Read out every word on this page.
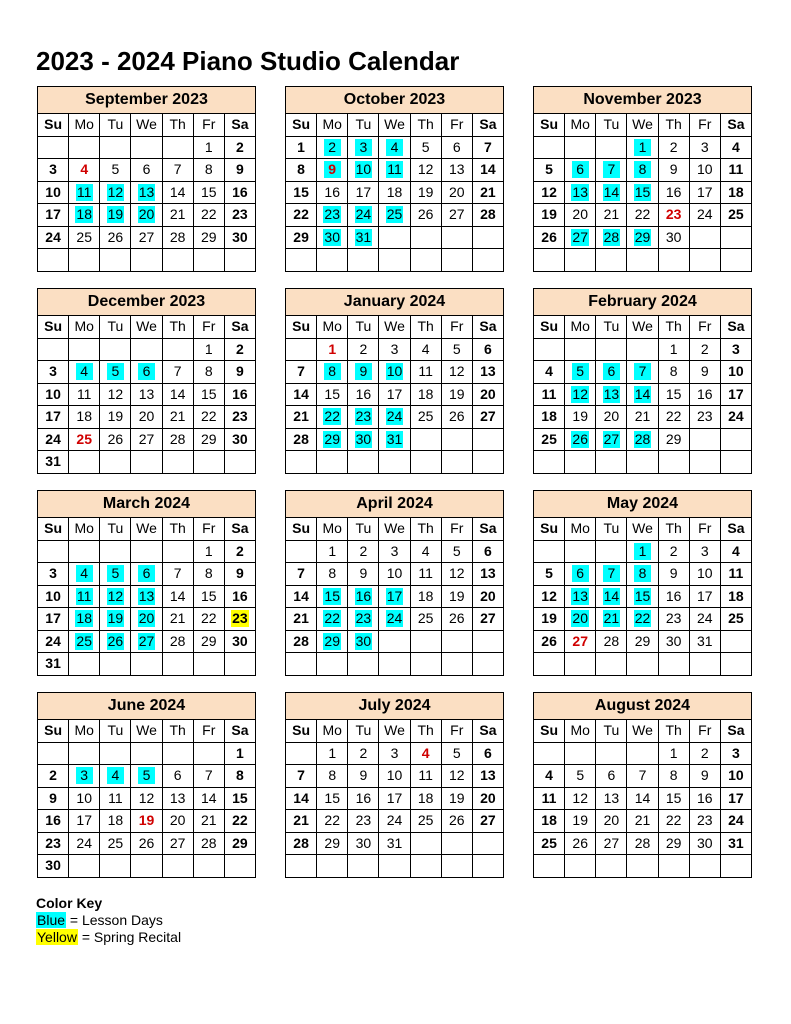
2023 - 2024 Piano Studio Calendar
September 2023						
Su	Mo	Tu	We	Th	Fr	Sa
					1	2
3	4	5	6	7	8	9
10	11	12	13	14	15	16
17	18	19	20	21	22	23
24	25	26	27	28	29	30

October 2023						
Su	Mo	Tu	We	Th	Fr	Sa
1	2	3	4	5	6	7
8	9	10	11	12	13	14
15	16	17	18	19	20	21
22	23	24	25	26	27	28
29	30	31				

November 2023						
Su	Mo	Tu	We	Th	Fr	Sa
			1	2	3	4
5	6	7	8	9	10	11
12	13	14	15	16	17	18
19	20	21	22	23	24	25
26	27	28	29	30		

December 2023						
Su	Mo	Tu	We	Th	Fr	Sa
					1	2
3	4	5	6	7	8	9
10	11	12	13	14	15	16
17	18	19	20	21	22	23
24	25	26	27	28	29	30
31						
January 2024						
Su	Mo	Tu	We	Th	Fr	Sa
	1	2	3	4	5	6
7	8	9	10	11	12	13
14	15	16	17	18	19	20
21	22	23	24	25	26	27
28	29	30	31			

February 2024						
Su	Mo	Tu	We	Th	Fr	Sa
				1	2	3
4	5	6	7	8	9	10
11	12	13	14	15	16	17
18	19	20	21	22	23	24
25	26	27	28	29		

March 2024						
Su	Mo	Tu	We	Th	Fr	Sa
					1	2
3	4	5	6	7	8	9
10	11	12	13	14	15	16
17	18	19	20	21	22	23
24	25	26	27	28	29	30
31						
April 2024						
Su	Mo	Tu	We	Th	Fr	Sa
	1	2	3	4	5	6
7	8	9	10	11	12	13
14	15	16	17	18	19	20
21	22	23	24	25	26	27
28	29	30				

May 2024						
Su	Mo	Tu	We	Th	Fr	Sa
			1	2	3	4
5	6	7	8	9	10	11
12	13	14	15	16	17	18
19	20	21	22	23	24	25
26	27	28	29	30	31	

June 2024						
Su	Mo	Tu	We	Th	Fr	Sa
						1
2	3	4	5	6	7	8
9	10	11	12	13	14	15
16	17	18	19	20	21	22
23	24	25	26	27	28	29
30						
July 2024						
Su	Mo	Tu	We	Th	Fr	Sa
	1	2	3	4	5	6
7	8	9	10	11	12	13
14	15	16	17	18	19	20
21	22	23	24	25	26	27
28	29	30	31			

August 2024						
Su	Mo	Tu	We	Th	Fr	Sa
				1	2	3
4	5	6	7	8	9	10
11	12	13	14	15	16	17
18	19	20	21	22	23	24
25	26	27	28	29	30	31

Color Key
Blue = Lesson Days
Yellow = Spring Recital
